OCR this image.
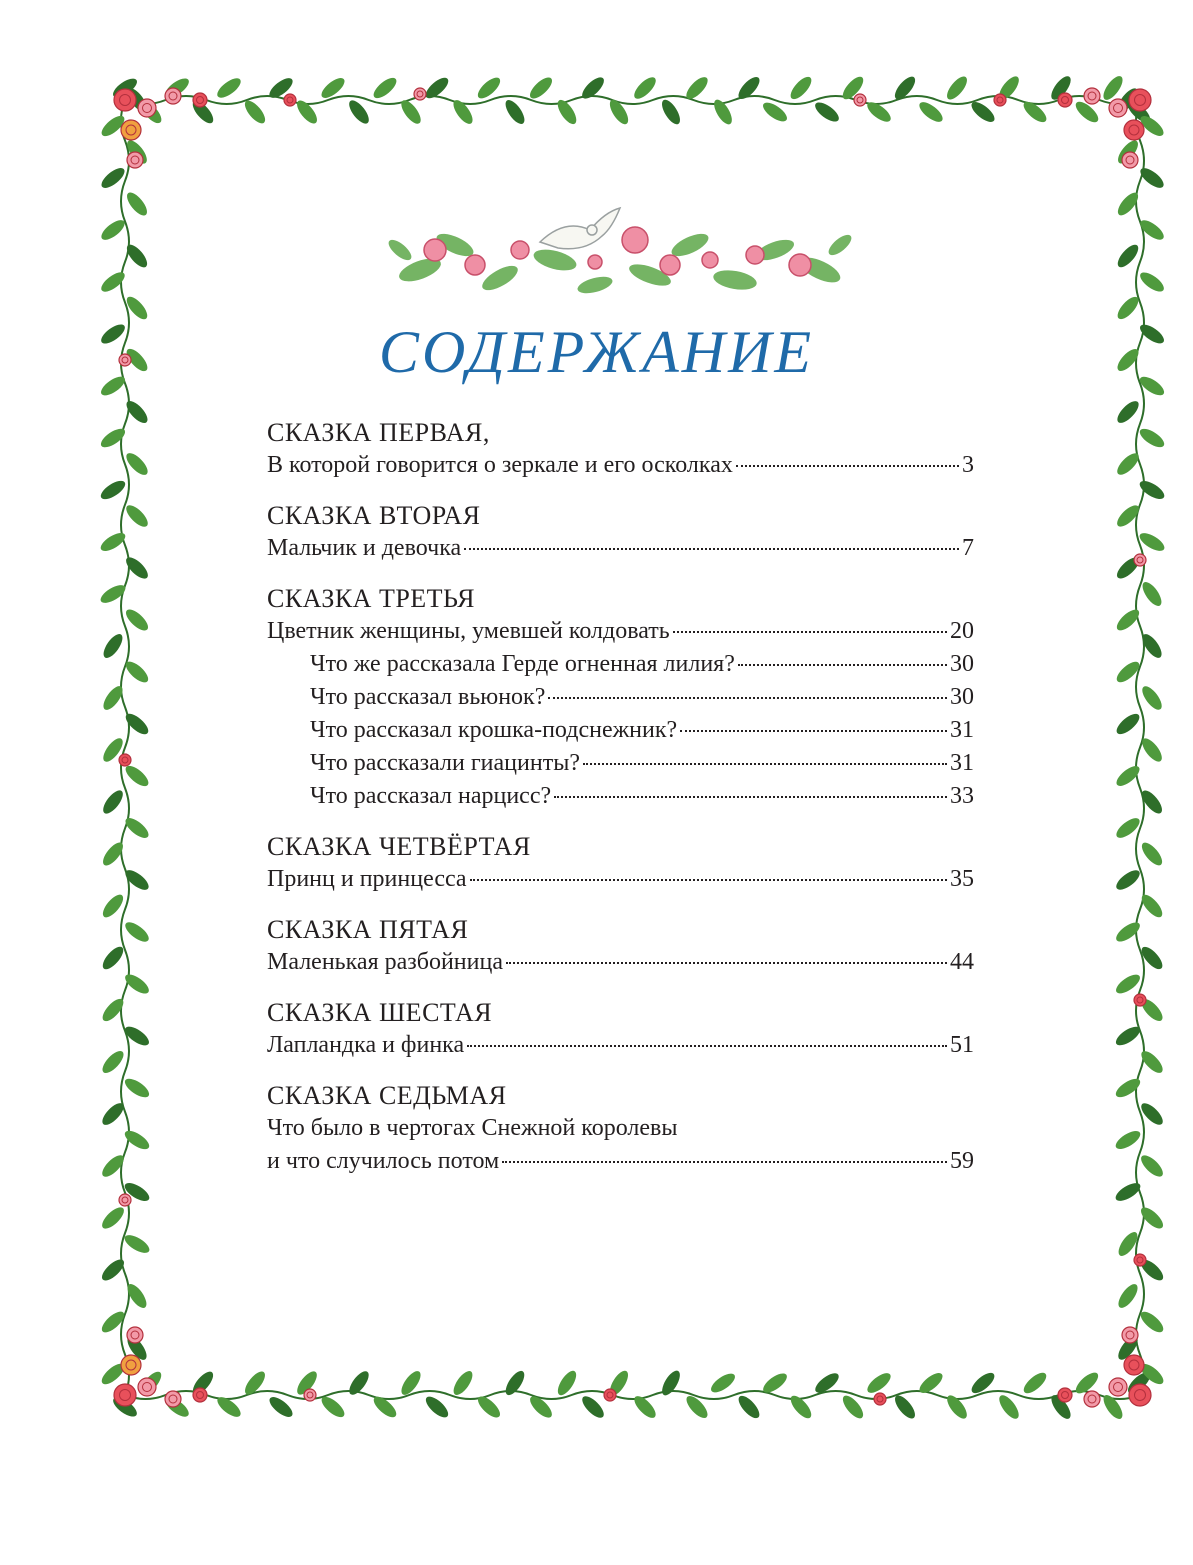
СОДЕРЖАНИЕ
СКАЗКА ПЕРВАЯ,
В которой говорится о зеркале и его осколках	3
СКАЗКА ВТОРАЯ
Мальчик и девочка	7
СКАЗКА ТРЕТЬЯ
Цветник женщины, умевшей колдовать	20
Что же рассказала Герде огненная лилия?	30
Что рассказал вьюнок?	30
Что рассказал крошка-подснежник?	31
Что рассказали гиацинты?	31
Что рассказал нарцисс?	33
СКАЗКА ЧЕТВЁРТАЯ
Принц и принцесса	35
СКАЗКА ПЯТАЯ
Маленькая разбойница	44
СКАЗКА ШЕСТАЯ
Лапландка и финка	51
СКАЗКА СЕДЬМАЯ
Что было в чертогах Снежной королевы
и что случилось потом	59
